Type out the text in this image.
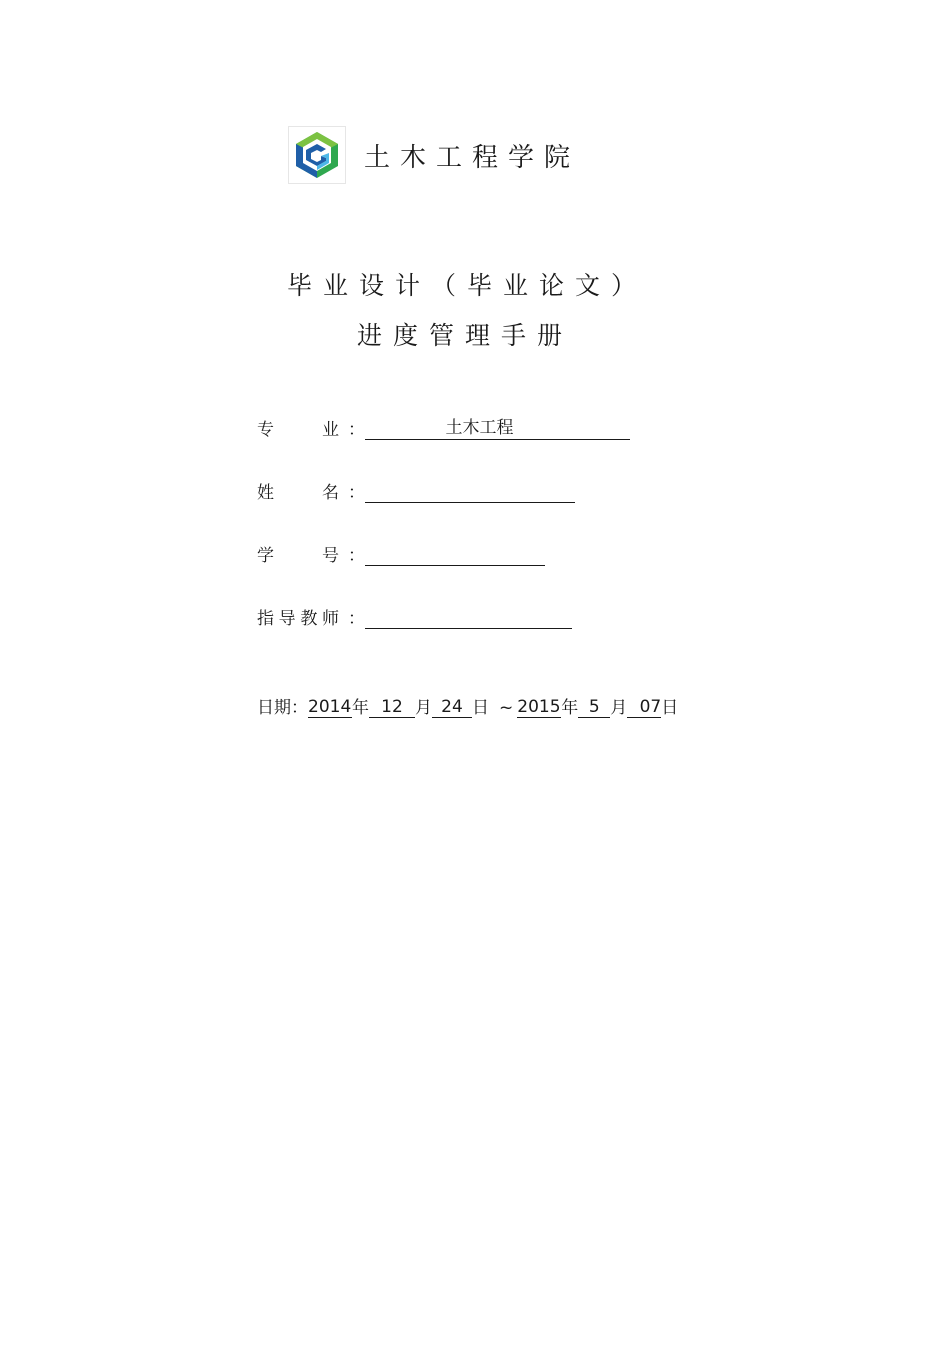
土木工程学院
毕业设计（毕业论文）
进度管理手册
专　业 ：	土木工程
姓　名 ：
学　号 ：
指导教师 ：
日期： 2014 年 12 月 24 日 ~ 2015 年 5 月 07 日
